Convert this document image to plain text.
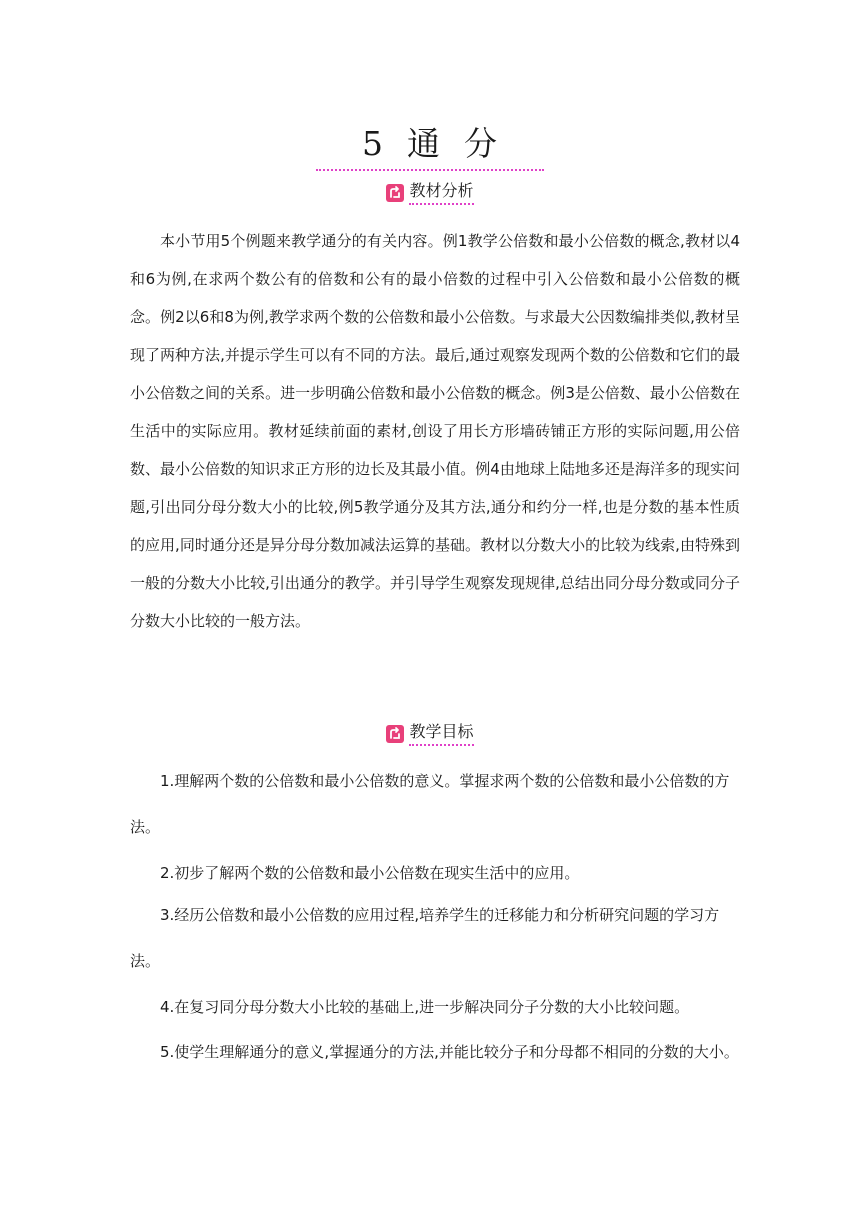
5  通  分
教材分析
本小节用5个例题来教学通分的有关内容。例1教学公倍数和最小公倍数的概念,教材以4和6为例,在求两个数公有的倍数和公有的最小倍数的过程中引入公倍数和最小公倍数的概念。例2以6和8为例,教学求两个数的公倍数和最小公倍数。与求最大公因数编排类似,教材呈现了两种方法,并提示学生可以有不同的方法。最后,通过观察发现两个数的公倍数和它们的最小公倍数之间的关系。进一步明确公倍数和最小公倍数的概念。例3是公倍数、最小公倍数在生活中的实际应用。教材延续前面的素材,创设了用长方形墙砖铺正方形的实际问题,用公倍数、最小公倍数的知识求正方形的边长及其最小值。例4由地球上陆地多还是海洋多的现实问题,引出同分母分数大小的比较,例5教学通分及其方法,通分和约分一样,也是分数的基本性质的应用,同时通分还是异分母分数加减法运算的基础。教材以分数大小的比较为线索,由特殊到一般的分数大小比较,引出通分的教学。并引导学生观察发现规律,总结出同分母分数或同分子分数大小比较的一般方法。
教学目标
1.理解两个数的公倍数和最小公倍数的意义。掌握求两个数的公倍数和最小公倍数的方法。
2.初步了解两个数的公倍数和最小公倍数在现实生活中的应用。
3.经历公倍数和最小公倍数的应用过程,培养学生的迁移能力和分析研究问题的学习方法。
4.在复习同分母分数大小比较的基础上,进一步解决同分子分数的大小比较问题。
5.使学生理解通分的意义,掌握通分的方法,并能比较分子和分母都不相同的分数的大小。
